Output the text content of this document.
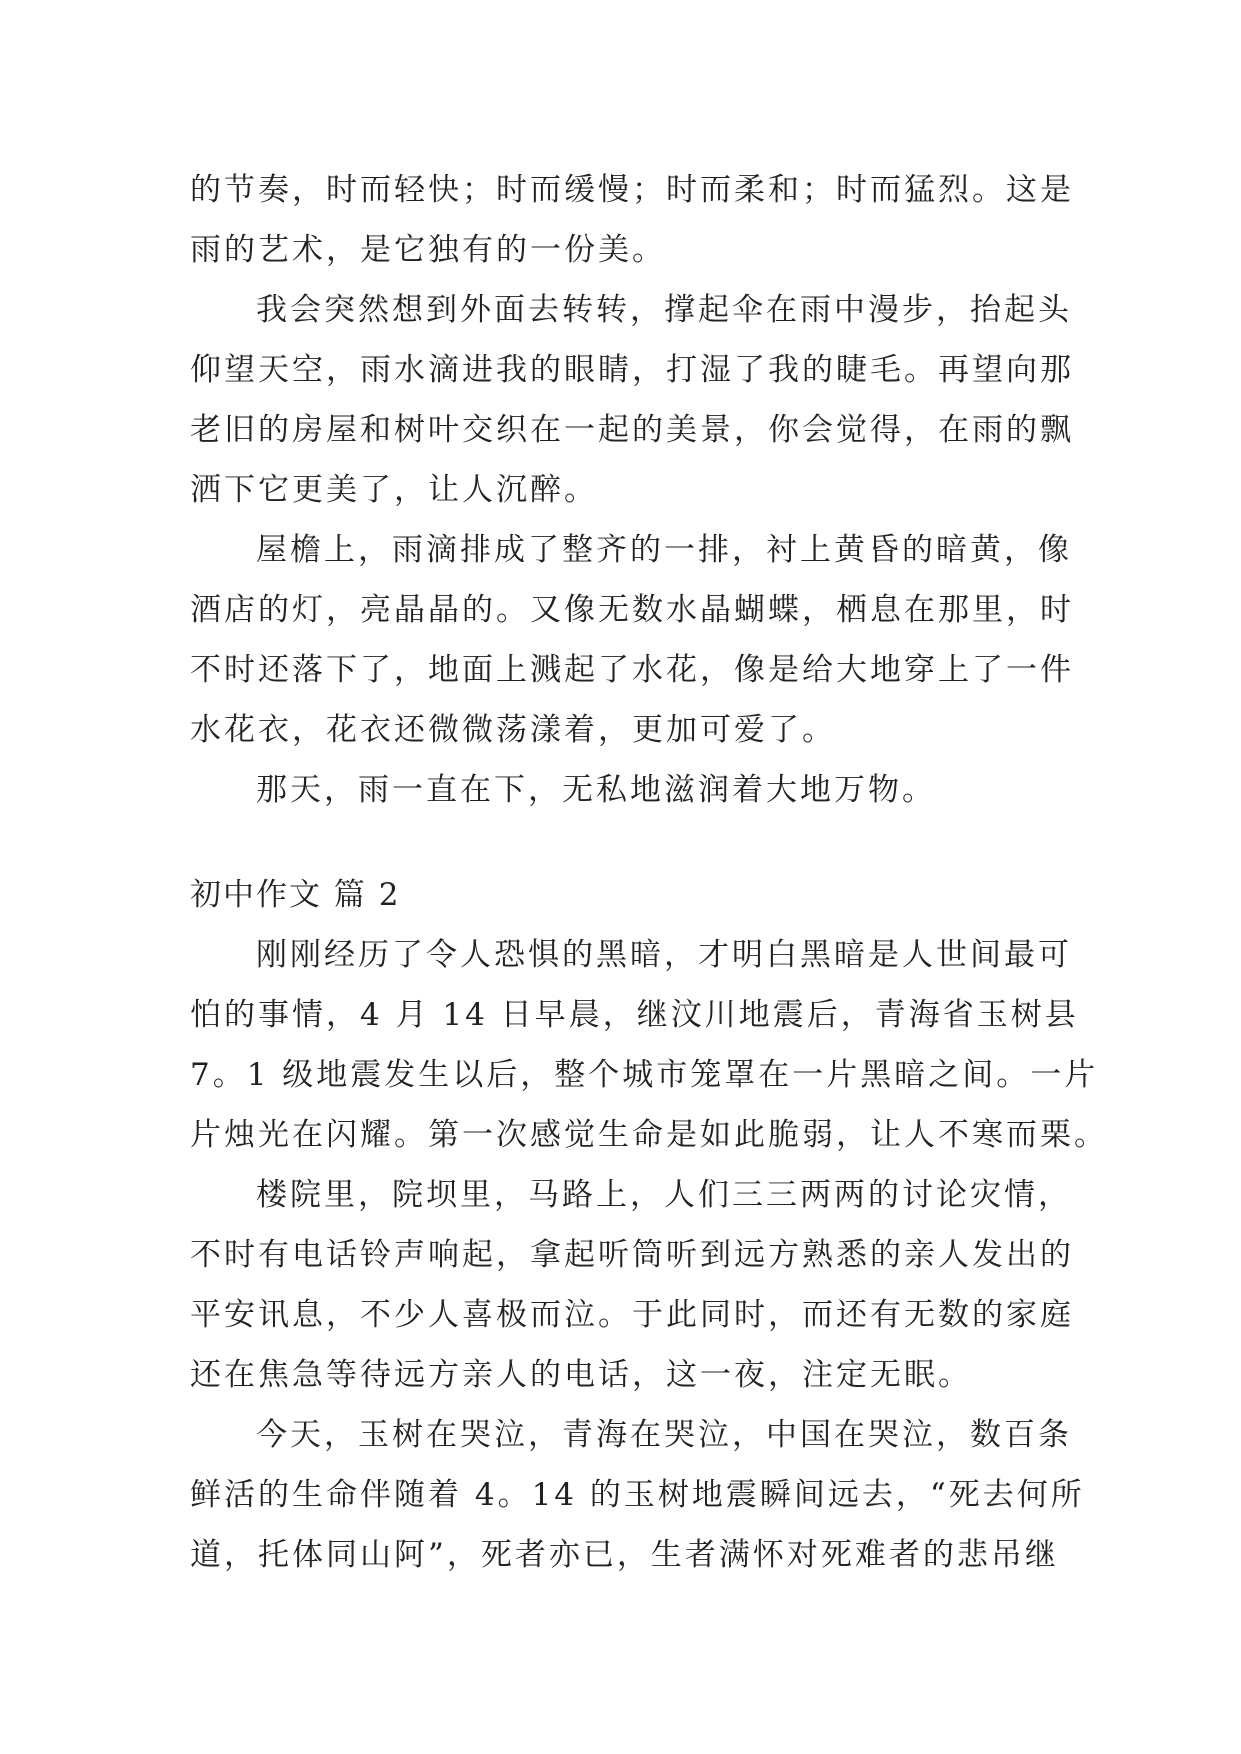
的节奏，时而轻快；时而缓慢；时而柔和；时而猛烈。这是
雨的艺术，是它独有的一份美。
我会突然想到外面去转转，撑起伞在雨中漫步，抬起头
仰望天空，雨水滴进我的眼睛，打湿了我的睫毛。再望向那
老旧的房屋和树叶交织在一起的美景，你会觉得，在雨的飘
洒下它更美了，让人沉醉。
屋檐上，雨滴排成了整齐的一排，衬上黄昏的暗黄，像
酒店的灯，亮晶晶的。又像无数水晶蝴蝶，栖息在那里，时
不时还落下了，地面上溅起了水花，像是给大地穿上了一件
水花衣，花衣还微微荡漾着，更加可爱了。
那天，雨一直在下，无私地滋润着大地万物。
初中作文 篇 2
刚刚经历了令人恐惧的黑暗，才明白黑暗是人世间最可
怕的事情，4 月 14 日早晨，继汶川地震后，青海省玉树县
7。1 级地震发生以后，整个城市笼罩在一片黑暗之间。一片
片烛光在闪耀。第一次感觉生命是如此脆弱，让人不寒而栗。
楼院里，院坝里，马路上，人们三三两两的讨论灾情，
不时有电话铃声响起，拿起听筒听到远方熟悉的亲人发出的
平安讯息，不少人喜极而泣。于此同时，而还有无数的家庭
还在焦急等待远方亲人的电话，这一夜，注定无眠。
今天，玉树在哭泣，青海在哭泣，中国在哭泣，数百条
鲜活的生命伴随着 4。14 的玉树地震瞬间远去，“死去何所
道，托体同山阿”，死者亦已，生者满怀对死难者的悲吊继
